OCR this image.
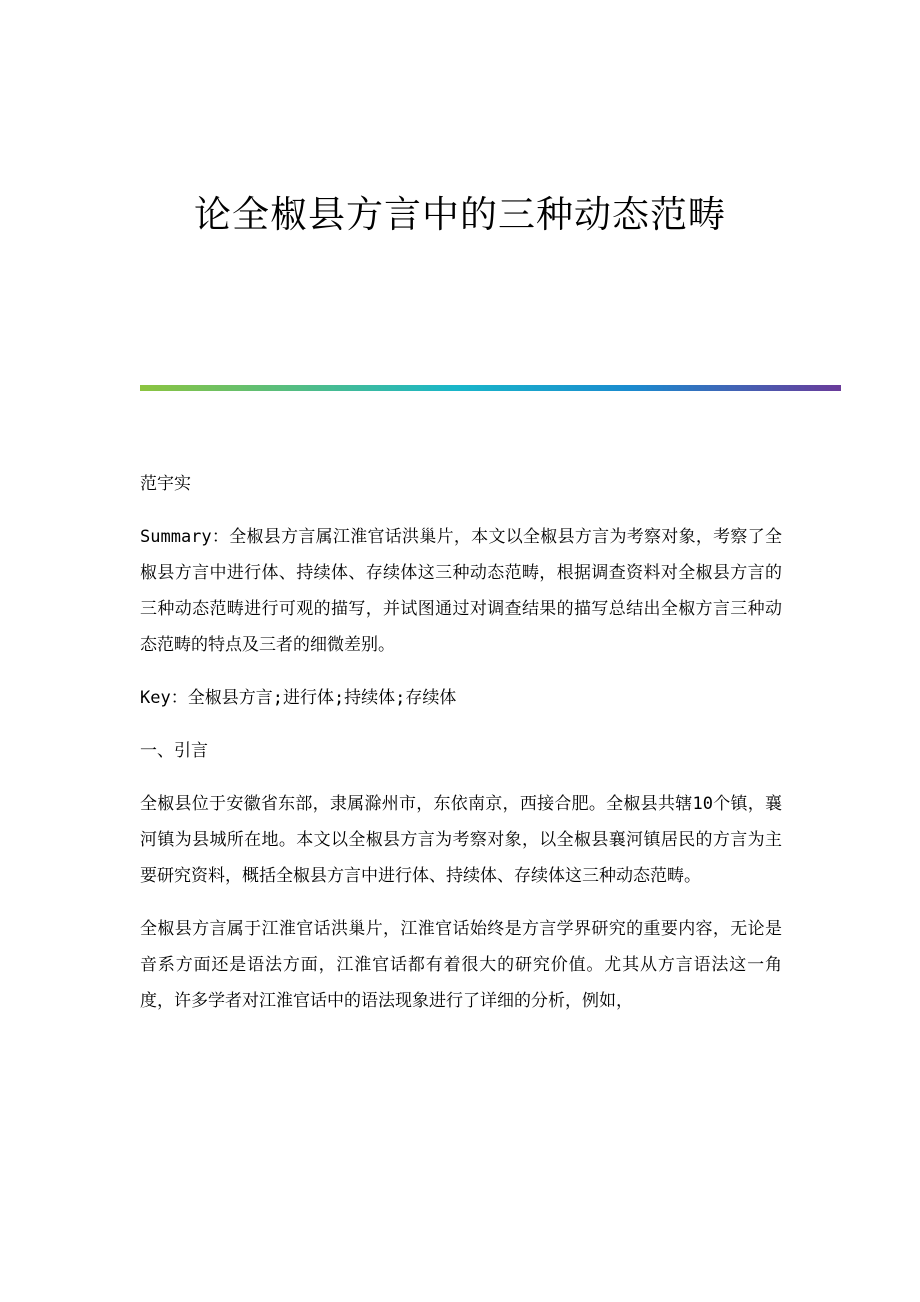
论全椒县方言中的三种动态范畴

范宇实

Summary：全椒县方言属江淮官话洪巢片，本文以全椒县方言为考察对象，考察了全椒县方言中进行体、持续体、存续体这三种动态范畴，根据调查资料对全椒县方言的三种动态范畴进行可观的描写，并试图通过对调查结果的描写总结出全椒方言三种动态范畴的特点及三者的细微差别。

Key：全椒县方言;进行体;持续体;存续体

一、引言

全椒县位于安徽省东部，隶属滁州市，东依南京，西接合肥。全椒县共辖10个镇，襄河镇为县城所在地。本文以全椒县方言为考察对象，以全椒县襄河镇居民的方言为主要研究资料，概括全椒县方言中进行体、持续体、存续体这三种动态范畴。

全椒县方言属于江淮官话洪巢片，江淮官话始终是方言学界研究的重要内容，无论是音系方面还是语法方面，江淮官话都有着很大的研究价值。尤其从方言语法这一角度，许多学者对江淮官话中的语法现象进行了详细的分析，例如，
